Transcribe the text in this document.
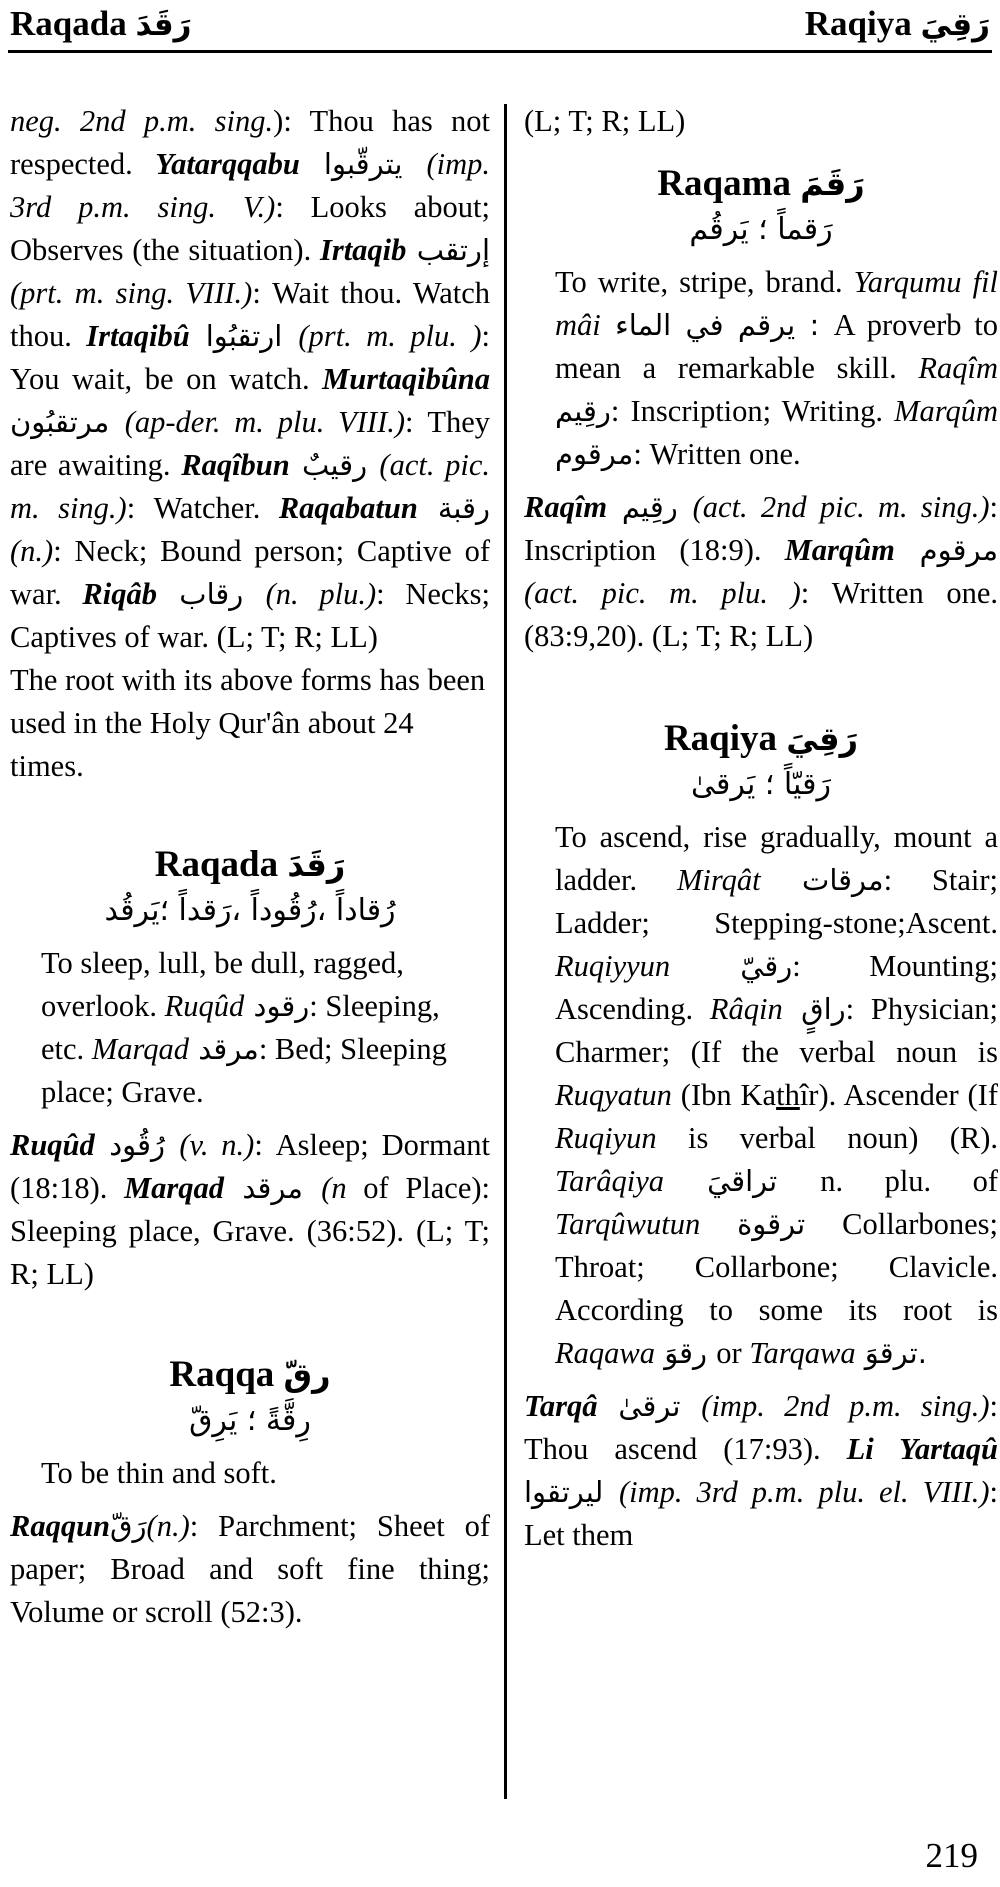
Raqada رَقَدَ	Raqiya رَقِيَ

neg. 2nd p.m. sing.): Thou has not respected. Yatarqqabu يترقّبوا (imp. 3rd p.m. sing. V.): Looks about; Observes (the situation). Irtaqib إرتقب (prt. m. sing. VIII.): Wait thou. Watch thou. Irtaqibû ارتقبُوا (prt. m. plu. ): You wait, be on watch. Murtaqibûna مرتقبُون (ap-der. m. plu. VIII.): They are awaiting. Raqîbun رقيبٌ (act. pic. m. sing.): Watcher. Raqabatun رقبة (n.): Neck; Bound person; Captive of war. Riqâb رقاب (n. plu.): Necks; Captives of war. (L; T; R; LL)

The root with its above forms has been used in the Holy Qur'ân about 24 times.

Raqada رَقَدَ

رُقاداً ،رُقُوداً ،رَقداً ؛يَرقُد

To sleep, lull, be dull, ragged, overlook. Ruqûd رقود: Sleeping, etc. Marqad مرقد: Bed; Sleeping place; Grave.

Ruqûd رُقُود (v. n.): Asleep; Dormant (18:18). Marqad مرقد (n of Place): Sleeping place, Grave. (36:52). (L; T; R; LL)

Raqqa رقّ

رِقَّةً ؛ يَرِقّ

To be thin and soft.

Raqqunرَقّ(n.): Parchment; Sheet of paper; Broad and soft fine thing; Volume or scroll (52:3).

(L; T; R; LL)

Raqama رَقَمَ

رَقماً ؛ يَرقُم

To write, stripe, brand. Yarqumu fil mâi يرقم في الماء : A proverb to mean a remarkable skill. Raqîm رقِيم: Inscription; Writing. Marqûm مرقوم: Written one.

Raqîm رقِيم (act. 2nd pic. m. sing.): Inscription (18:9). Marqûm مرقوم (act. pic. m. plu. ): Written one. (83:9,20). (L; T; R; LL)

Raqiya رَقِيَ

رَقيّاً ؛ يَرقىٰ

To ascend, rise gradually, mount a ladder. Mirqât مرقات: Stair; Ladder; Stepping-stone;Ascent. Ruqiyyun رقيّ: Mounting; Ascending. Râqin راقٍ: Physician; Charmer; (If the verbal noun is Ruqyatun (Ibn Kathîr). Ascender (If Ruqiyun is verbal noun) (R). Tarâqiya تراقيَ n. plu. of Tarqûwutun ترقوة Collarbones; Throat; Collarbone; Clavicle. According to some its root is Raqawa رقوَ or Tarqawa ترقوَ.

Tarqâ ترقىٰ (imp. 2nd p.m. sing.): Thou ascend (17:93). Li Yartaqû ليرتقوا (imp. 3rd p.m. plu. el. VIII.): Let them

219
